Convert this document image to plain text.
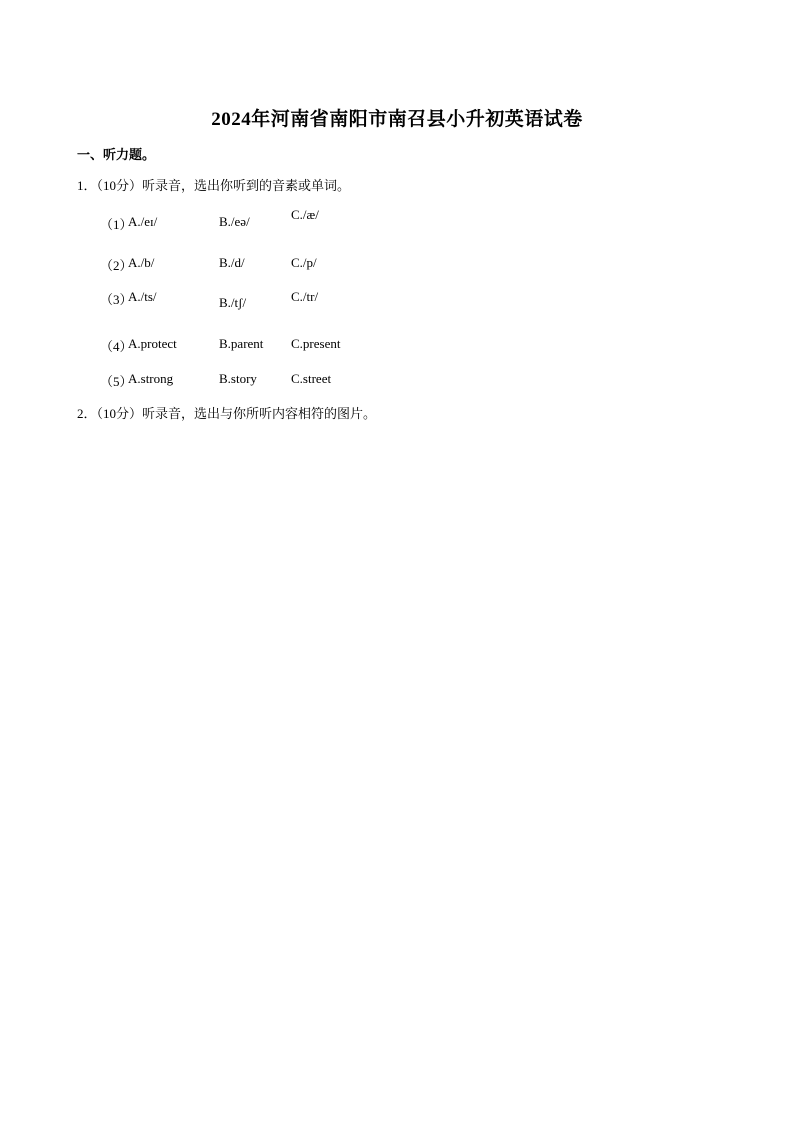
2024年河南省南阳市南召县小升初英语试卷
一、听力题。
1．（10分）听录音，选出你听到的音素或单词。
（1）
A./eɪ/	B./eə/	C./æ/
（2）
A./b/	B./d/	C./p/
（3）
A./ts/	B./tʃ/	C./tr/
（4）
A.protect	B.parent C.present
（5）
A.strong	B.story	C.street
2．（10分）听录音，选出与你所听内容相符的图片。
